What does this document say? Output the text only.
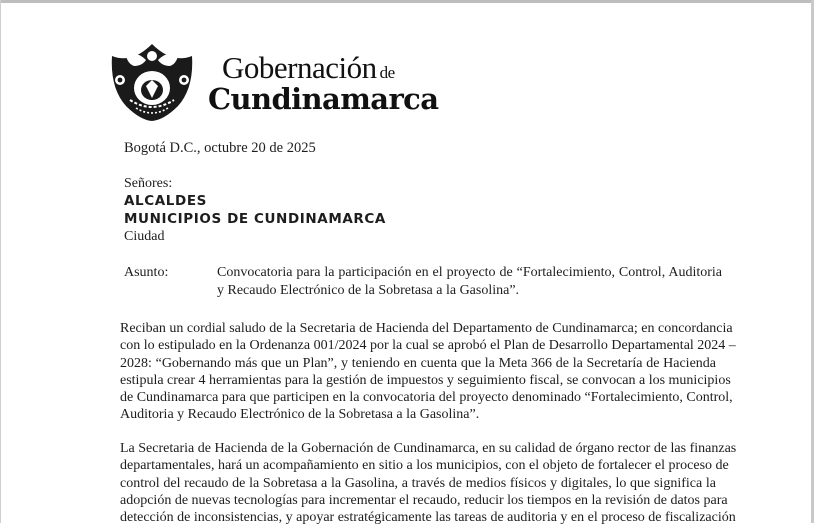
Gobernación de
Cundinamarca
Bogotá D.C., octubre 20 de 2025
Señores:
ALCALDES
MUNICIPIOS DE CUNDINAMARCA
Ciudad
Asunto:	Convocatoria para la participación en el proyecto de “Fortalecimiento, Control, Auditoria y Recaudo Electrónico de la Sobretasa a la Gasolina”.
Reciban un cordial saludo de la Secretaria de Hacienda del Departamento de Cundinamarca; en concordancia
con lo estipulado en la Ordenanza 001/2024 por la cual se aprobó el Plan de Desarrollo Departamental 2024 –
2028: “Gobernando más que un Plan”, y teniendo en cuenta que la Meta 366 de la Secretaría de Hacienda
estipula crear 4 herramientas para la gestión de impuestos y seguimiento fiscal, se convocan a los municipios
de Cundinamarca para que participen en la convocatoria del proyecto denominado “Fortalecimiento, Control,
Auditoria y Recaudo Electrónico de la Sobretasa a la Gasolina”.
La Secretaria de Hacienda de la Gobernación de Cundinamarca, en su calidad de órgano rector de las finanzas
departamentales, hará un acompañamiento en sitio a los municipios, con el objeto de fortalecer el proceso de
control del recaudo de la Sobretasa a la Gasolina, a través de medios físicos y digitales, lo que significa la
adopción de nuevas tecnologías para incrementar el recaudo, reducir los tiempos en la revisión de datos para
detección de inconsistencias, y apoyar estratégicamente las tareas de auditoria y en el proceso de fiscalización
